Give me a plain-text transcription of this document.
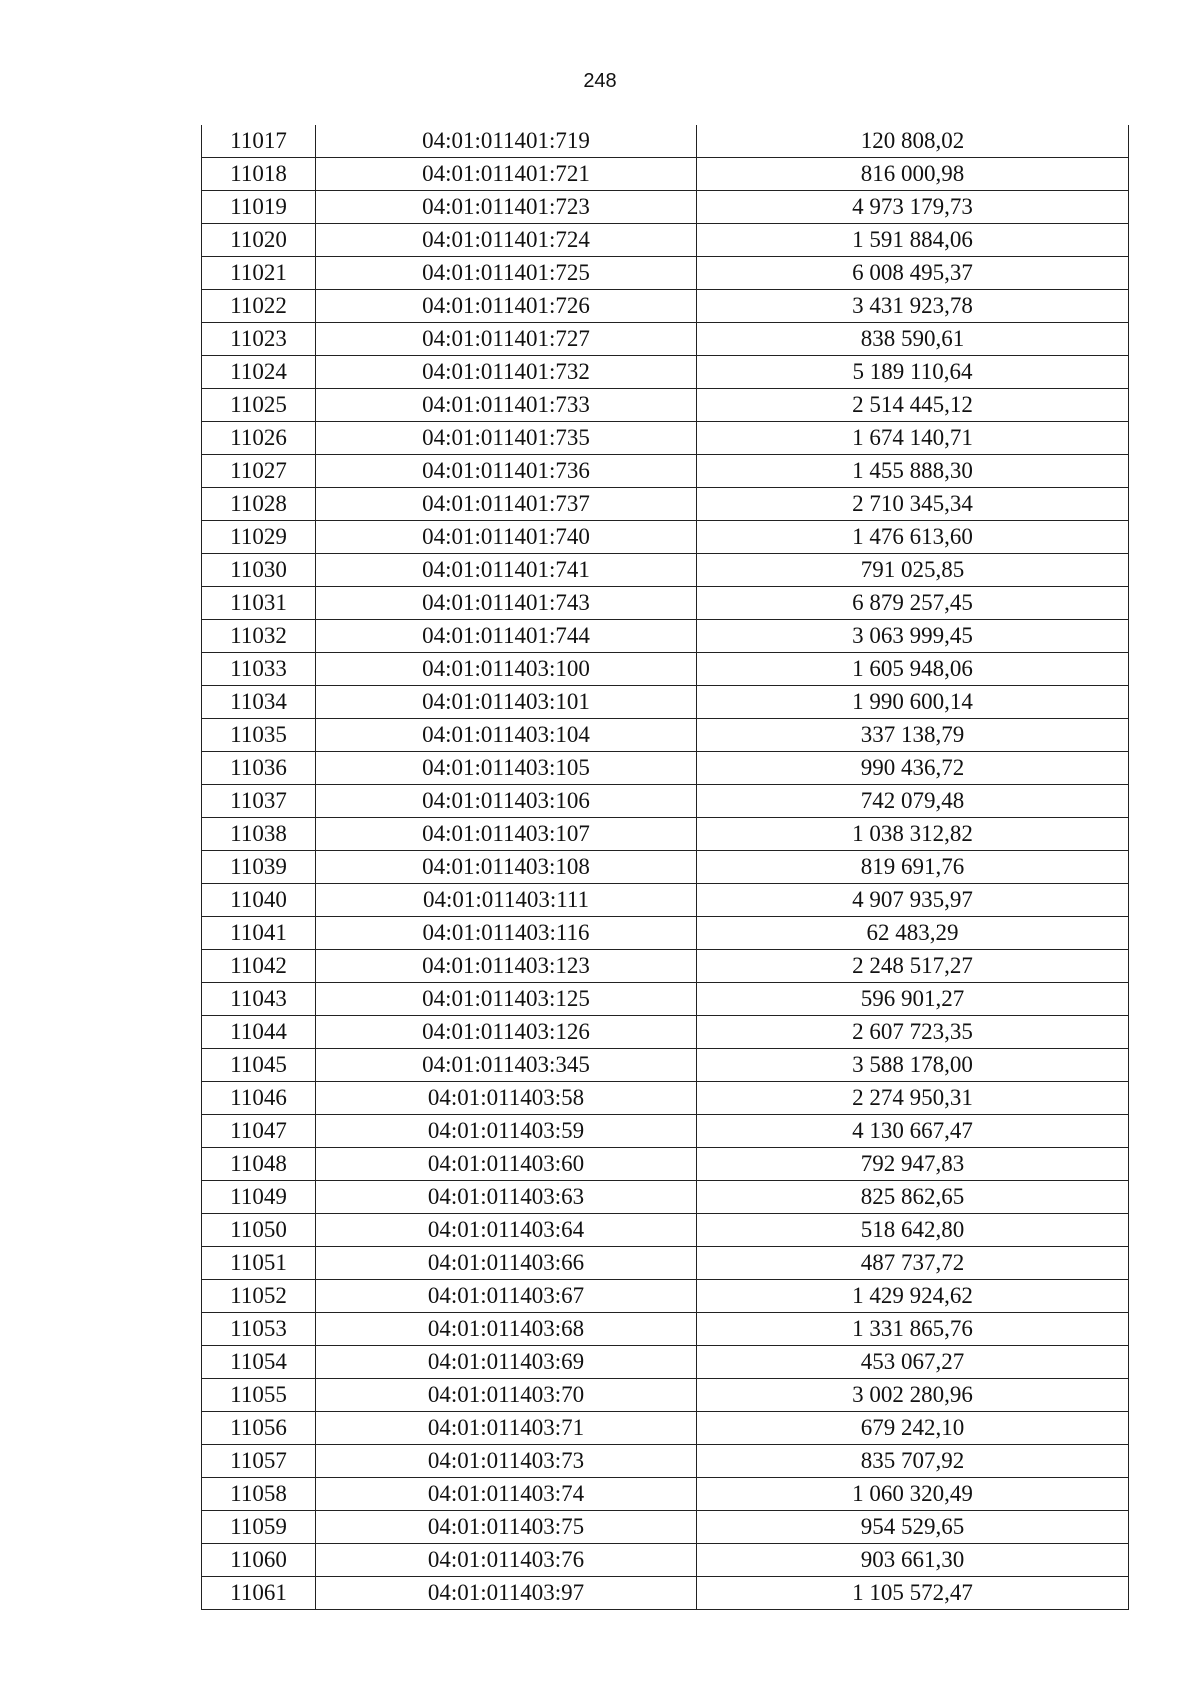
248
11017	04:01:011401:719	120 808,02
11018	04:01:011401:721	816 000,98
11019	04:01:011401:723	4 973 179,73
11020	04:01:011401:724	1 591 884,06
11021	04:01:011401:725	6 008 495,37
11022	04:01:011401:726	3 431 923,78
11023	04:01:011401:727	838 590,61
11024	04:01:011401:732	5 189 110,64
11025	04:01:011401:733	2 514 445,12
11026	04:01:011401:735	1 674 140,71
11027	04:01:011401:736	1 455 888,30
11028	04:01:011401:737	2 710 345,34
11029	04:01:011401:740	1 476 613,60
11030	04:01:011401:741	791 025,85
11031	04:01:011401:743	6 879 257,45
11032	04:01:011401:744	3 063 999,45
11033	04:01:011403:100	1 605 948,06
11034	04:01:011403:101	1 990 600,14
11035	04:01:011403:104	337 138,79
11036	04:01:011403:105	990 436,72
11037	04:01:011403:106	742 079,48
11038	04:01:011403:107	1 038 312,82
11039	04:01:011403:108	819 691,76
11040	04:01:011403:111	4 907 935,97
11041	04:01:011403:116	62 483,29
11042	04:01:011403:123	2 248 517,27
11043	04:01:011403:125	596 901,27
11044	04:01:011403:126	2 607 723,35
11045	04:01:011403:345	3 588 178,00
11046	04:01:011403:58	2 274 950,31
11047	04:01:011403:59	4 130 667,47
11048	04:01:011403:60	792 947,83
11049	04:01:011403:63	825 862,65
11050	04:01:011403:64	518 642,80
11051	04:01:011403:66	487 737,72
11052	04:01:011403:67	1 429 924,62
11053	04:01:011403:68	1 331 865,76
11054	04:01:011403:69	453 067,27
11055	04:01:011403:70	3 002 280,96
11056	04:01:011403:71	679 242,10
11057	04:01:011403:73	835 707,92
11058	04:01:011403:74	1 060 320,49
11059	04:01:011403:75	954 529,65
11060	04:01:011403:76	903 661,30
11061	04:01:011403:97	1 105 572,47
